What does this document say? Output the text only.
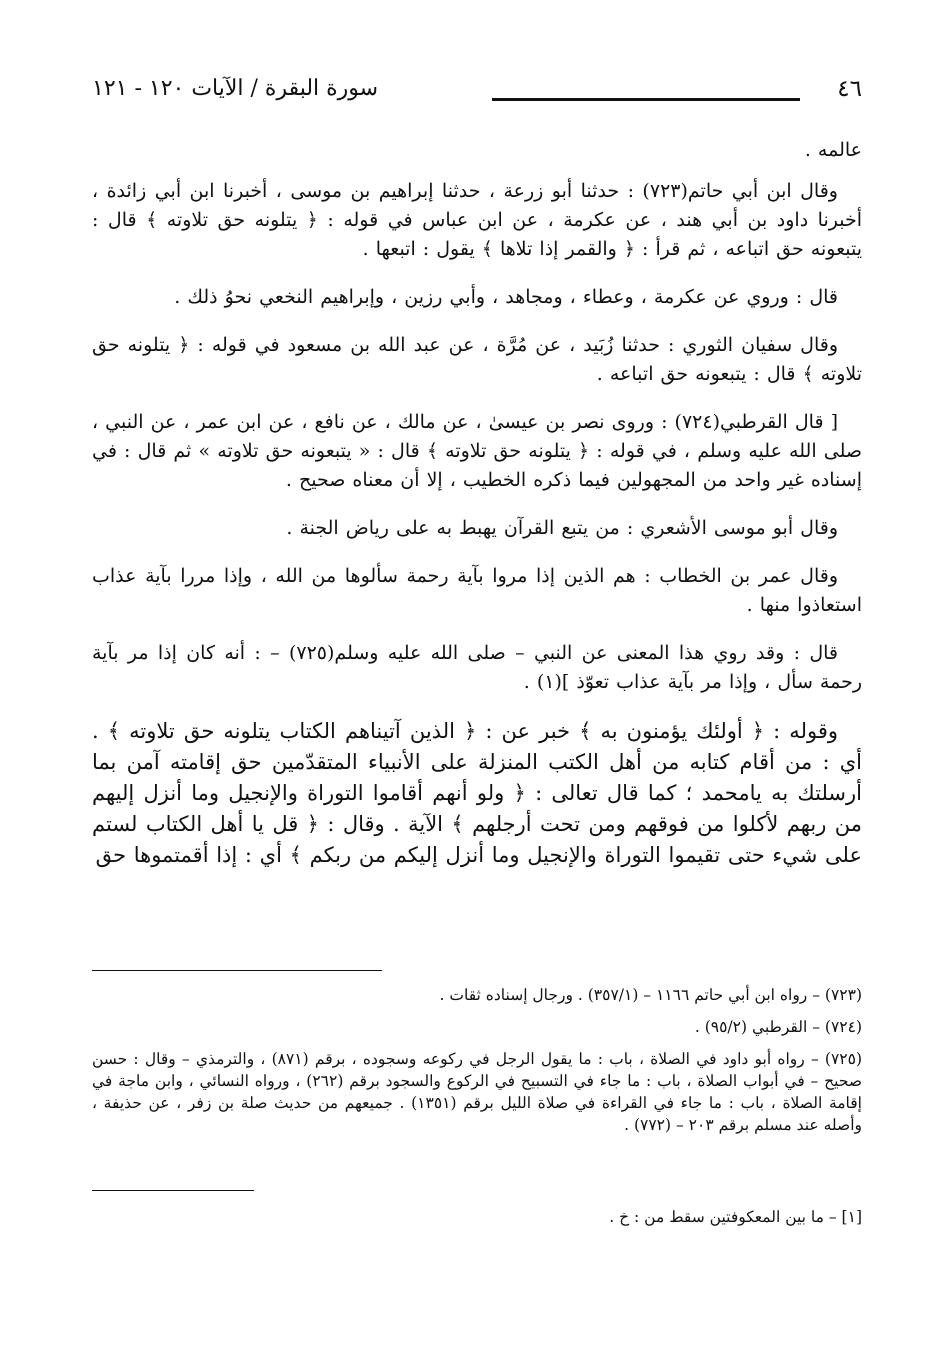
٤٦
سورة البقرة / الآيات ١٢٠ - ١٢١

عالمه .

وقال ابن أبي حاتم(٧٢٣) : حدثنا أبو زرعة ، حدثنا إبراهيم بن موسى ، أخبرنا ابن أبي زائدة ، أخبرنا داود بن أبي هند ، عن عكرمة ، عن ابن عباس في قوله : ﴿ يتلونه حق تلاوته ﴾ قال : يتبعونه حق اتباعه ، ثم قرأ : ﴿ والقمر إذا تلاها ﴾ يقول : اتبعها .

قال : وروي عن عكرمة ، وعطاء ، ومجاهد ، وأبي رزين ، وإبراهيم النخعي نحوُ ذلك .

وقال سفيان الثوري : حدثنا زُبَيد ، عن مُرَّة ، عن عبد الله بن مسعود في قوله : ﴿ يتلونه حق تلاوته ﴾ قال : يتبعونه حق اتباعه .

[ قال القرطبي(٧٢٤) : وروى نصر بن عيسىٰ ، عن مالك ، عن نافع ، عن ابن عمر ، عن النبي ، صلى الله عليه وسلم ، في قوله : ﴿ يتلونه حق تلاوته ﴾ قال : « يتبعونه حق تلاوته » ثم قال : في إسناده غير واحد من المجهولين فيما ذكره الخطيب ، إلا أن معناه صحيح .

وقال أبو موسى الأشعري : من يتبع القرآن يهبط به على رياض الجنة .

وقال عمر بن الخطاب : هم الذين إذا مروا بآية رحمة سألوها من الله ، وإذا مررا بآية عذاب استعاذوا منها .

قال : وقد روي هذا المعنى عن النبي – صلى الله عليه وسلم(٧٢٥) – : أنه كان إذا مر بآية رحمة سأل ، وإذا مر بآية عذاب تعوّذ ](١) .

وقوله : ﴿ أولئك يؤمنون به ﴾ خبر عن : ﴿ الذين آتيناهم الكتاب يتلونه حق تلاوته ﴾ . أي : من أقام كتابه من أهل الكتب المنزلة على الأنبياء المتقدّمين حق إقامته آمن بما أرسلتك به يامحمد ؛ كما قال تعالى : ﴿ ولو أنهم أقاموا التوراة والإنجيل وما أنزل إليهم من ربهم لأكلوا من فوقهم ومن تحت أرجلهم ﴾ الآية . وقال : ﴿ قل يا أهل الكتاب لستم على شيء حتى تقيموا التوراة والإنجيل وما أنزل إليكم من ربكم ﴾ أي : إذا أقمتموها حق

(٧٢٣) – رواه ابن أبي حاتم ١١٦٦ – (٣٥٧/١) . ورجال إسناده ثقات .

(٧٢٤) – القرطبي (٩٥/٢) .

(٧٢٥) – رواه أبو داود في الصلاة ، باب : ما يقول الرجل في ركوعه وسجوده ، برقم (٨٧١) ، والترمذي – وقال : حسن صحيح – في أبواب الصلاة ، باب : ما جاء في التسبيح في الركوع والسجود برقم (٢٦٢) ، ورواه النسائي ، وابن ماجة في إقامة الصلاة ، باب : ما جاء في القراءة في صلاة الليل برقم (١٣٥١) . جميعهم من حديث صلة بن زفر ، عن حذيفة ، وأصله عند مسلم برقم ٢٠٣ – (٧٧٢) .

[١] – ما بين المعكوفتين سقط من : خ .
